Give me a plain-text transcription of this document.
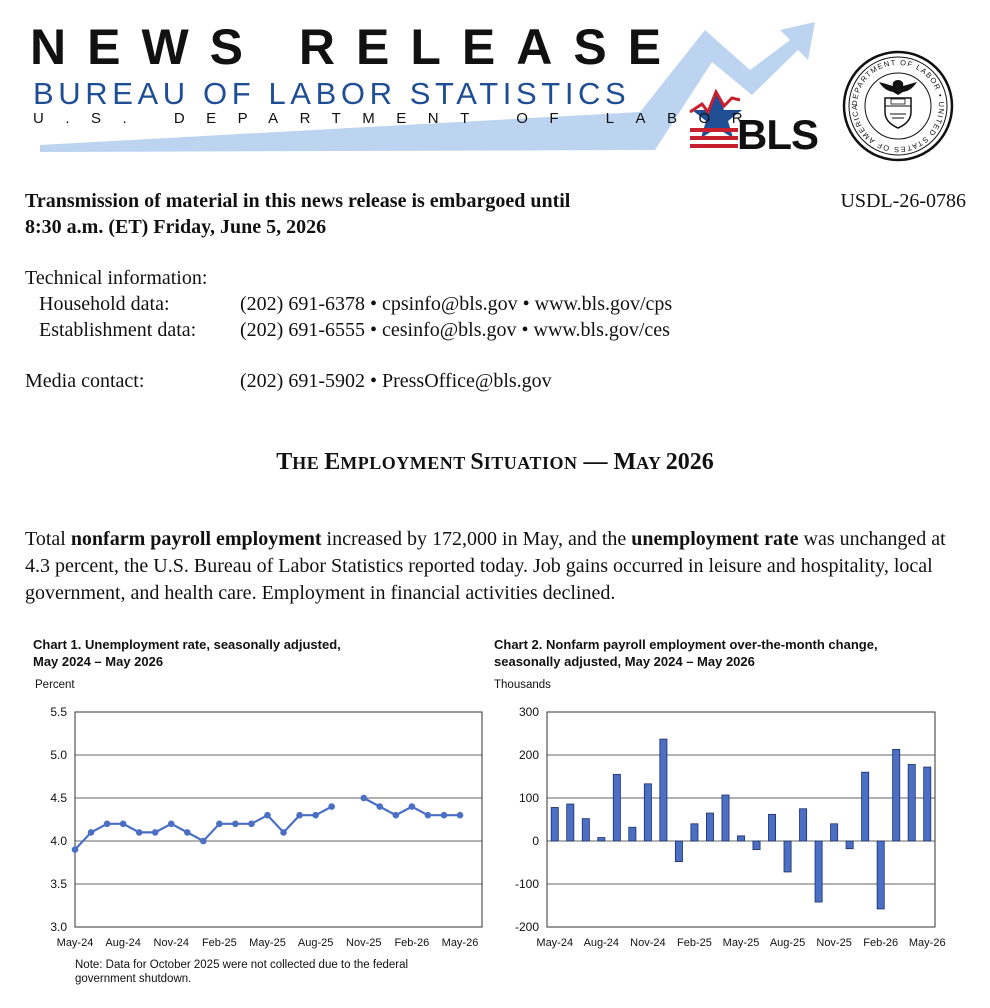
NEWS RELEASE
BUREAU OF LABOR STATISTICS
U.S. DEPARTMENT OF LABOR
BLS
DEPARTMENT OF LABOR • UNITED STATES OF AMERICA
Transmission of material in this news release is embargoed until
8:30 a.m. (ET) Friday, June 5, 2026
USDL-26-0786
Technical information:
Household data:	(202) 691-6378 • cpsinfo@bls.gov • www.bls.gov/cps
Establishment data: (202) 691-6555 • cesinfo@bls.gov • www.bls.gov/ces
Media contact:	(202) 691-5902 • PressOffice@bls.gov
THE EMPLOYMENT SITUATION — MAY 2026
Total nonfarm payroll employment increased by 172,000 in May, and the unemployment rate was unchanged at 4.3 percent, the U.S. Bureau of Labor Statistics reported today. Job gains occurred in leisure and hospitality, local government, and health care. Employment in financial activities declined.
Chart 1. Unemployment rate, seasonally adjusted,
May 2024 – May 2026
Percent
3.0
3.5
4.0
4.5
5.0
5.5
May-24 Aug-24 Nov-24 Feb-25 May-25 Aug-25 Nov-25 Feb-26 May-26
Note: Data for October 2025 were not collected due to the federal
government shutdown.
Chart 2. Nonfarm payroll employment over-the-month change,
seasonally adjusted, May 2024 – May 2026
Thousands
-200
-100
0
100
200
300
May-24 Aug-24 Nov-24 Feb-25 May-25 Aug-25 Nov-25 Feb-26 May-26
